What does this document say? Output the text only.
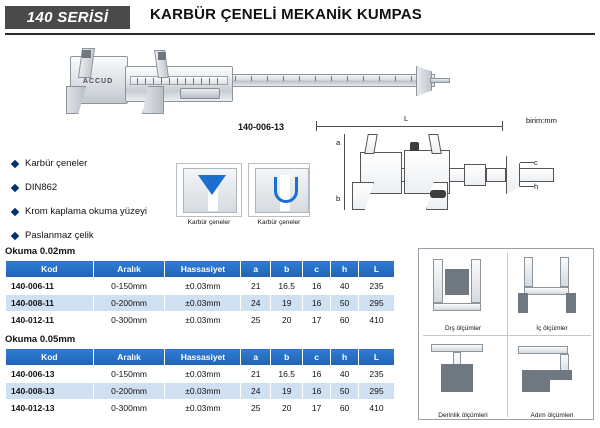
140 SERİSİ	KARBÜR ÇENELİ MEKANİK KUMPAS
ACCUD
140-006-13
Karbür çeneler
DIN862
Krom kaplama okuma yüzeyi
Paslanmaz çelik
Karbür çeneler	Karbür çeneler
L	birim:mm
a
b
c
h
Dış ölçümler	İç ölçümler
Derinlik ölçümleri	Adım ölçümleri
Okuma 0.02mm
Kod	Aralık	Hassasiyet	a	b	c	h	L
140-006-11	0-150mm	±0.03mm	21	16.5	16	40	235
140-008-11	0-200mm	±0.03mm	24	19	16	50	295
140-012-11	0-300mm	±0.03mm	25	20	17	60	410
Okuma 0.05mm
Kod	Aralık	Hassasiyet	a	b	c	h	L
140-006-13	0-150mm	±0.03mm	21	16.5	16	40	235
140-008-13	0-200mm	±0.03mm	24	19	16	50	295
140-012-13	0-300mm	±0.03mm	25	20	17	60	410
